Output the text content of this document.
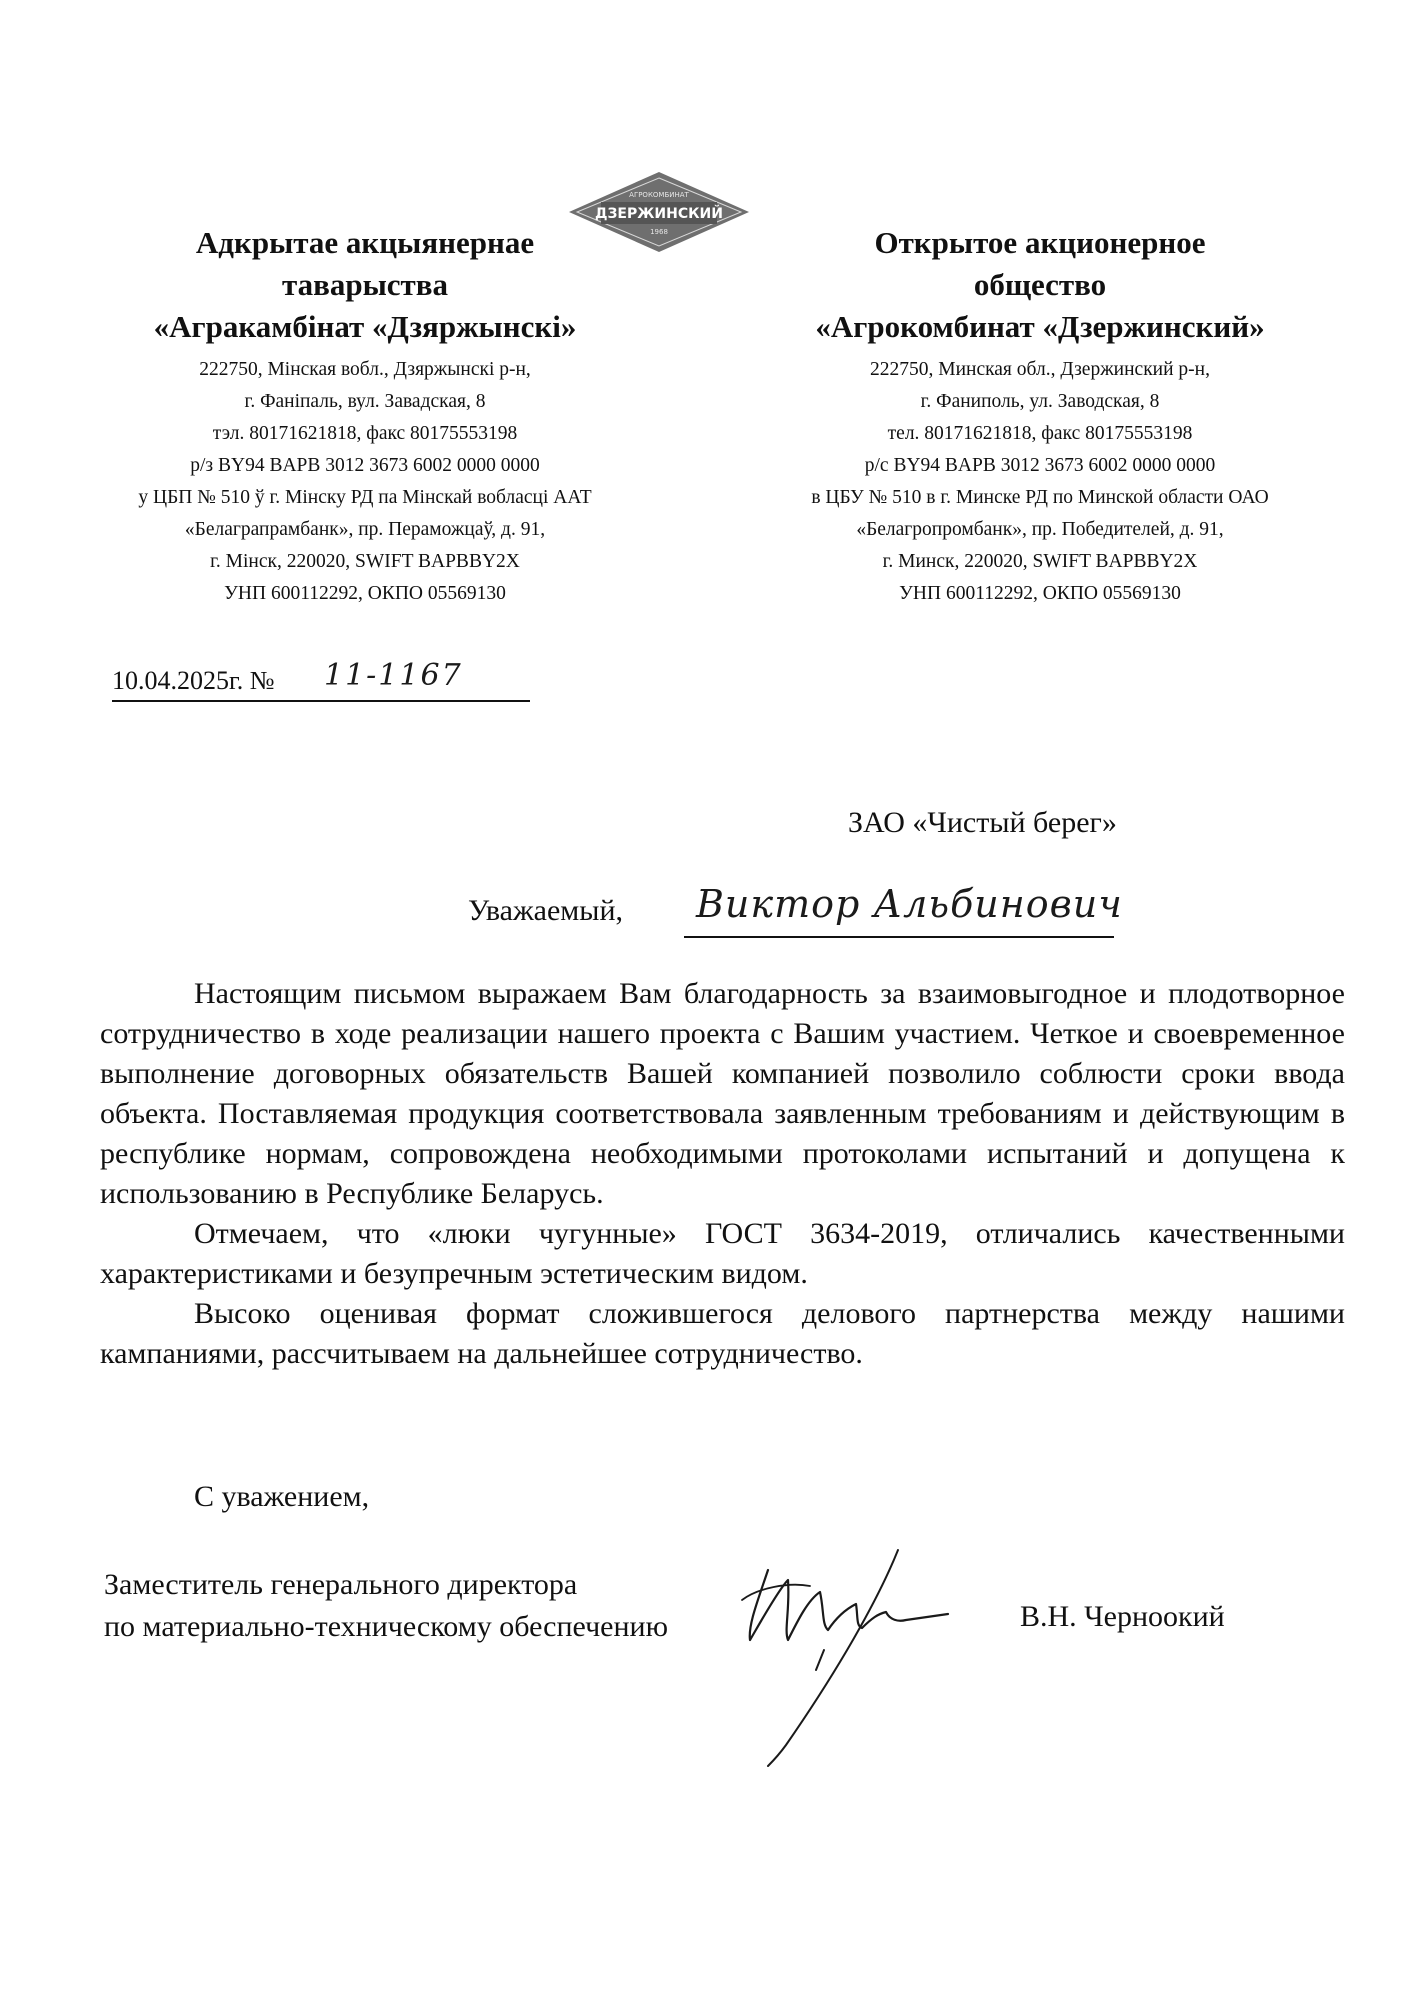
Адкрытае акцыянернае
таварыства
«Агракамбінат «Дзяржынскі»
222750, Мінская вобл., Дзяржынскі р-н,
г. Фаніпаль, вул. Завадская, 8
тэл. 80171621818, факс 80175553198
р/з BY94 BAPB 3012 3673 6002 0000 0000
у ЦБП № 510 ў г. Мінску РД па Мінскай вобласці ААТ
«Белаграпрамбанк», пр. Пераможцаў, д. 91,
г. Мінск, 220020, SWIFT BAPBBY2X
УНП 600112292, ОКПО 05569130
АГРОКОМБИНАТ
ДЗЕРЖИНСКИЙ
1968	Открытое акционерное
общество
«Агрокомбинат «Дзержинский»
222750, Минская обл., Дзержинский р-н,
г. Фаниполь, ул. Заводская, 8
тел. 80171621818, факс 80175553198
р/с BY94 BAPB 3012 3673 6002 0000 0000
в ЦБУ № 510 в г. Минске РД по Минской области ОАО
«Белагропромбанк», пр. Победителей, д. 91,
г. Минск, 220020, SWIFT BAPBBY2X
УНП 600112292, ОКПО 05569130
10.04.2025г. № 11-1167
ЗАО «Чистый берег»
Уважаемый, Виктор Альбинович

Настоящим письмом выражаем Вам благодарность за взаимовыгодное и плодотворное сотрудничество в ходе реализации нашего проекта с Вашим участием. Четкое и своевременное выполнение договорных обязательств Вашей компанией позволило соблюсти сроки ввода объекта. Поставляемая продукция соответствовала заявленным требованиям и действующим в республике нормам, сопровождена необходимыми протоколами испытаний и допущена к использованию в Республике Беларусь.

Отмечаем, что «люки чугунные» ГОСТ 3634-2019, отличались качественными характеристиками и безупречным эстетическим видом.

Высоко оценивая формат сложившегося делового партнерства между нашими кампаниями, рассчитываем на дальнейшее сотрудничество.

С уважением,
Заместитель генерального директора
по материально-техническому обеспечению	В.Н. Черноокий
